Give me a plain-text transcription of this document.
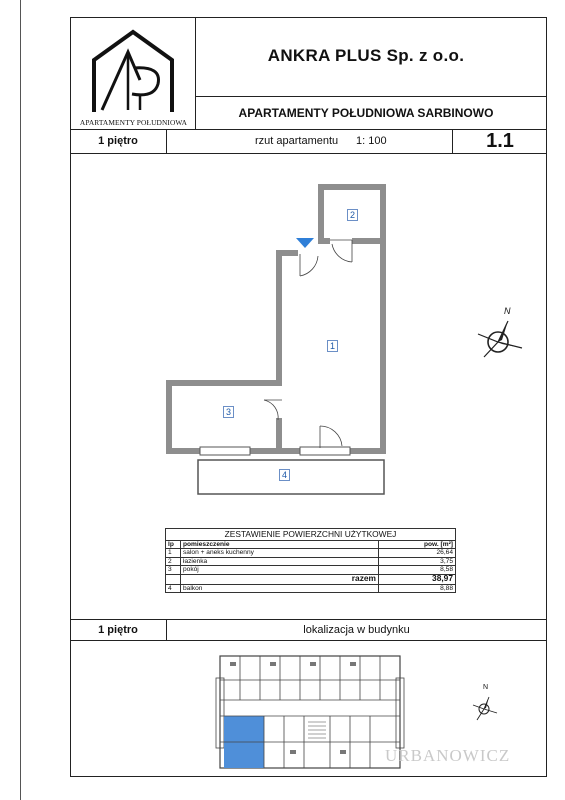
APARTAMENTY POŁUDNIOWA
ANKRA PLUS Sp. z o.o.
APARTAMENTY POŁUDNIOWA SARBINOWO
1 piętro	rzut apartamentu 1: 100	1.1
2
1
3
4
N
ZESTAWIENIE POWIERZCHNI UŻYTKOWEJ		
lp	pomieszczenie	pow. [m²]
1	salon + aneks kuchenny	26,64
2	łazienka	3,75
3	pokój	8,58
	razem	38,97
4	balkon	8,88
1 piętro	lokalizacja w budynku
N
URBANOWICZ
